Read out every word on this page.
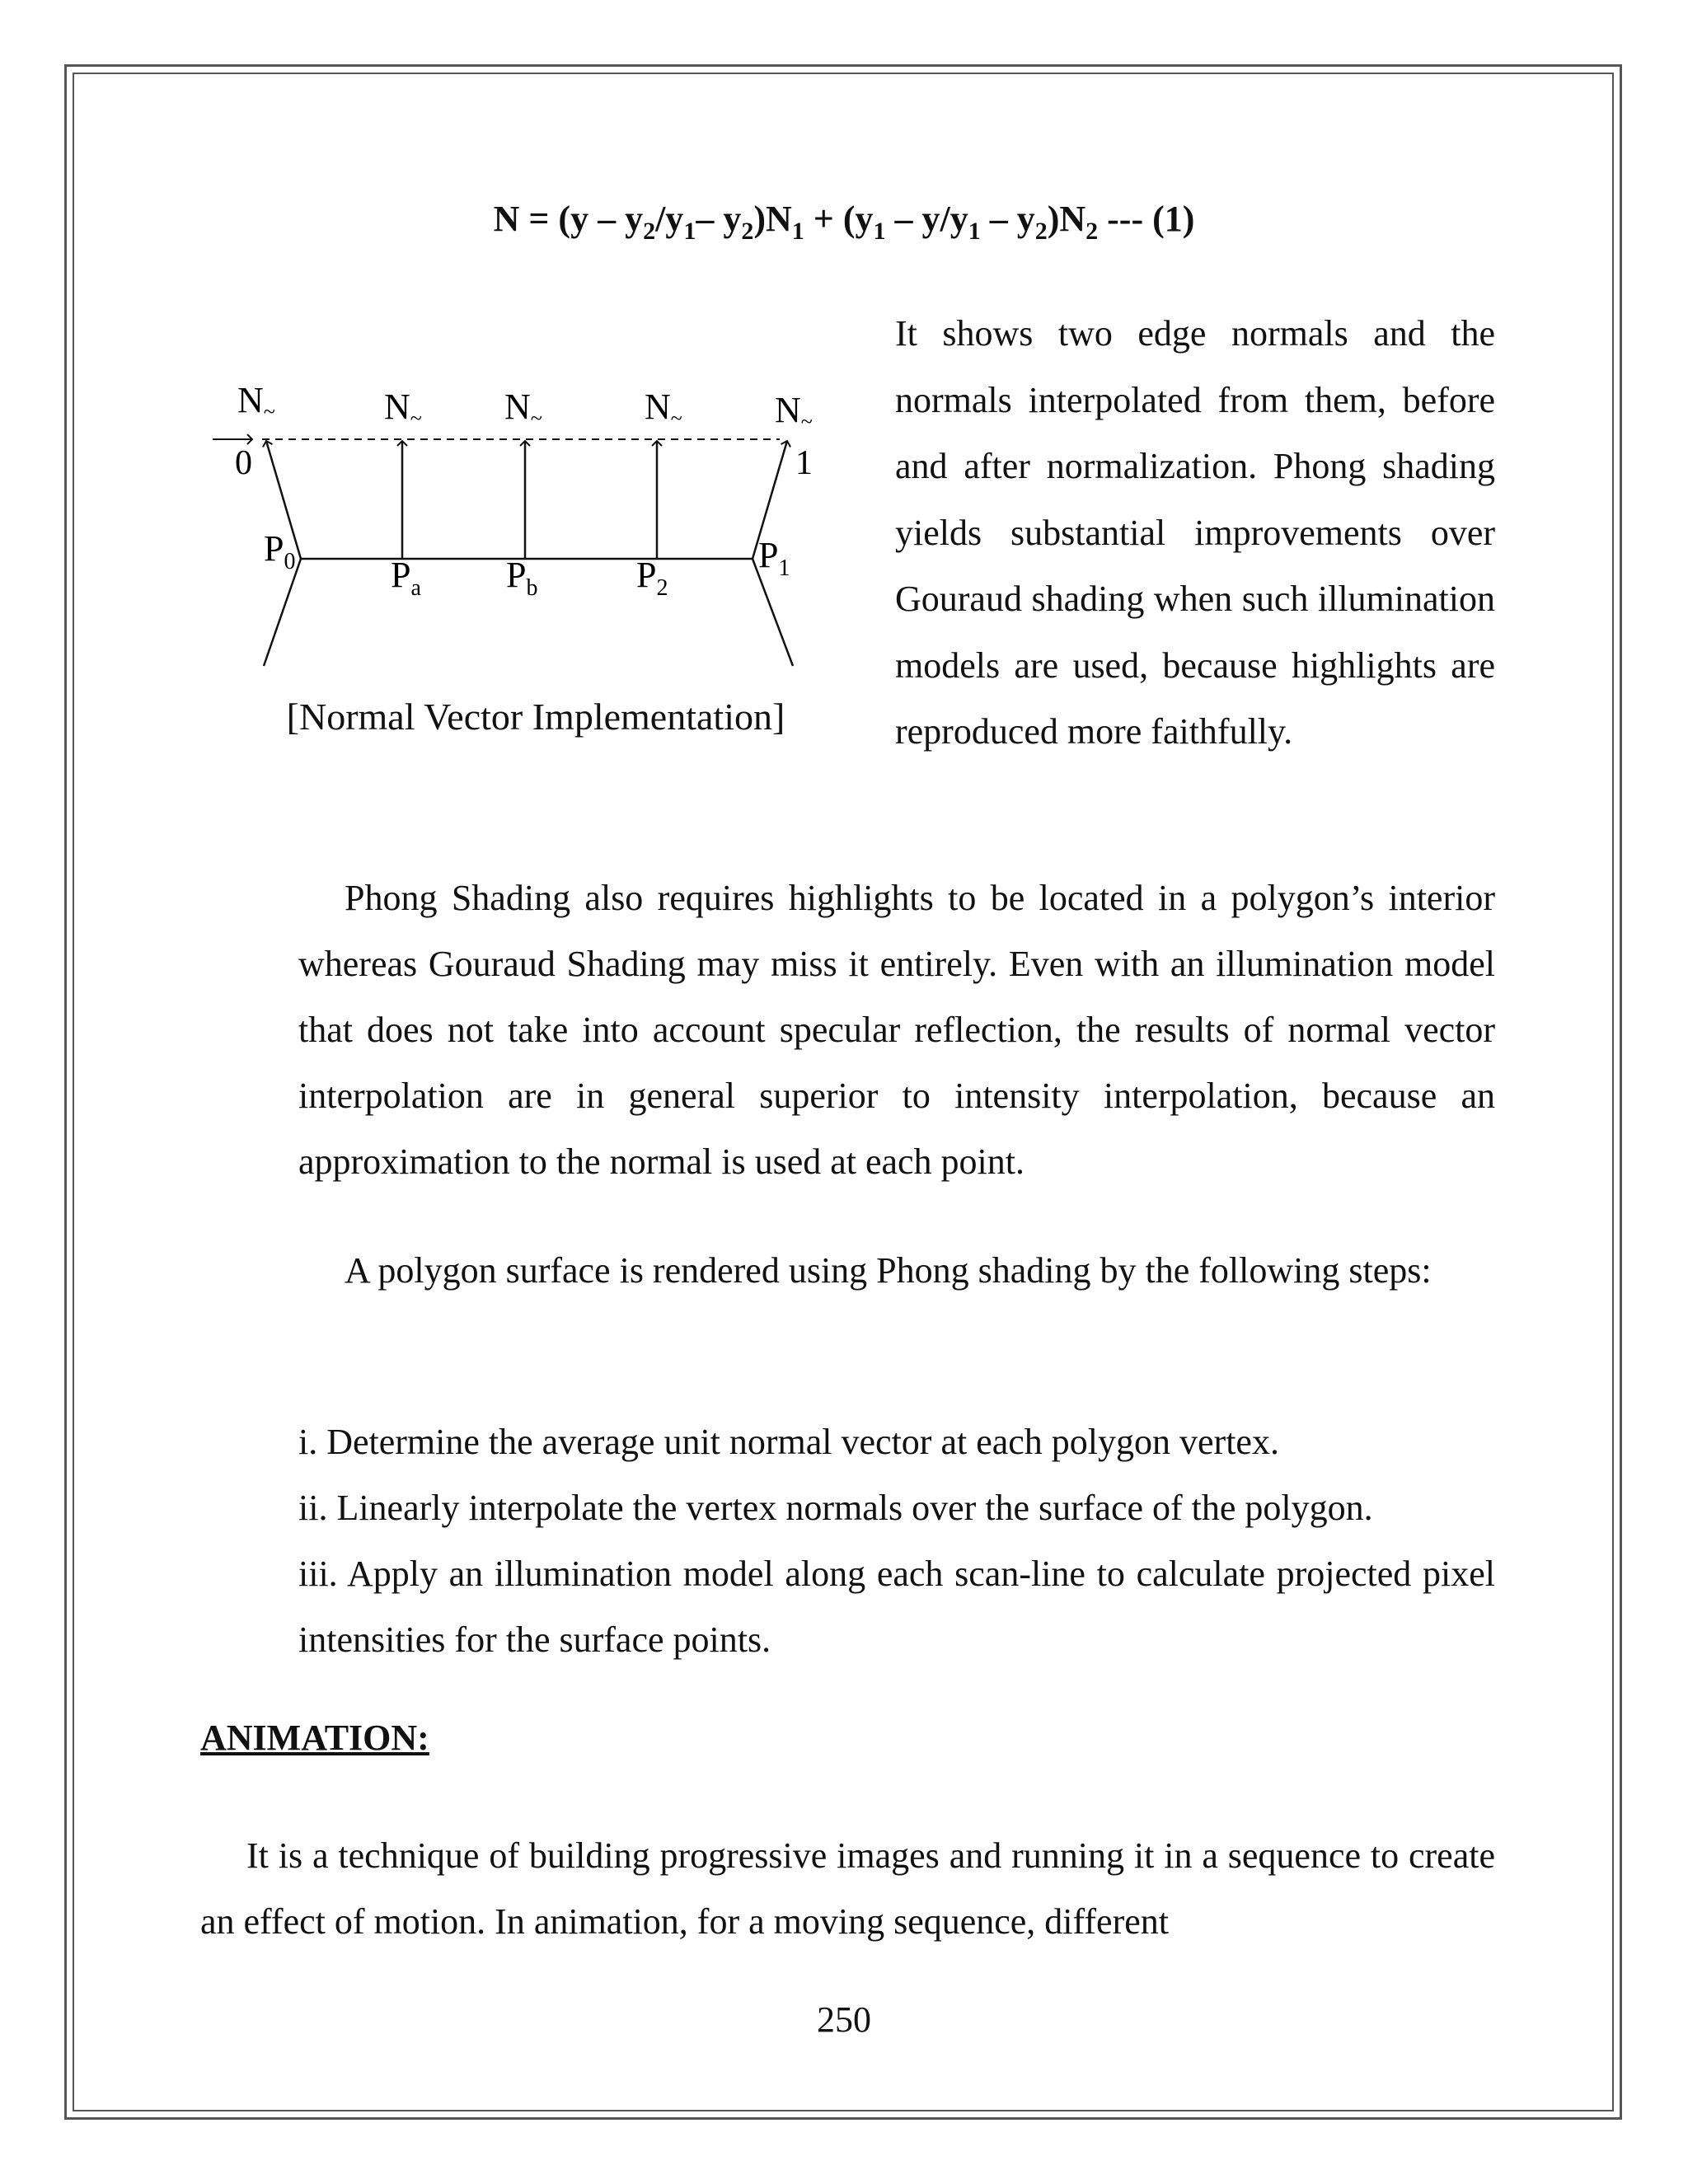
$N = (y - y_2/y_1-$ $y_2)N_1 + (y_1 - y/y_1 - y_2)N_2$ --- (1)
N~
0
N~ N~	N~	N~
1
$P_0$	$P_a$ $P_b$	$P_2$
$P_1$
[Normal Vector Implementation]
It shows two edge normals and the normals interpolated from them, before and after normalization. Phong shading yields substantial improvements over Gouraud shading when such illumination models are used, because highlights are reproduced more faithfully.
Phong Shading also requires highlights to be located in a polygon’s interior whereas Gouraud Shading may miss it entirely. Even with an illumination model that does not take into account specular reflection, the results of normal vector interpolation are in general superior to intensity interpolation, because an approximation to the normal is used at each point.
A polygon surface is rendered using Phong shading by the following steps:
i. Determine the average unit normal vector at each polygon vertex.
ii. Linearly interpolate the vertex normals over the surface of the polygon.
iii. Apply an illumination model along each scan-line to calculate projected pixel intensities for the surface points.
ANIMATION:
It is a technique of building progressive images and running it in a sequence to create an effect of motion. In animation, for a moving sequence, different
250
